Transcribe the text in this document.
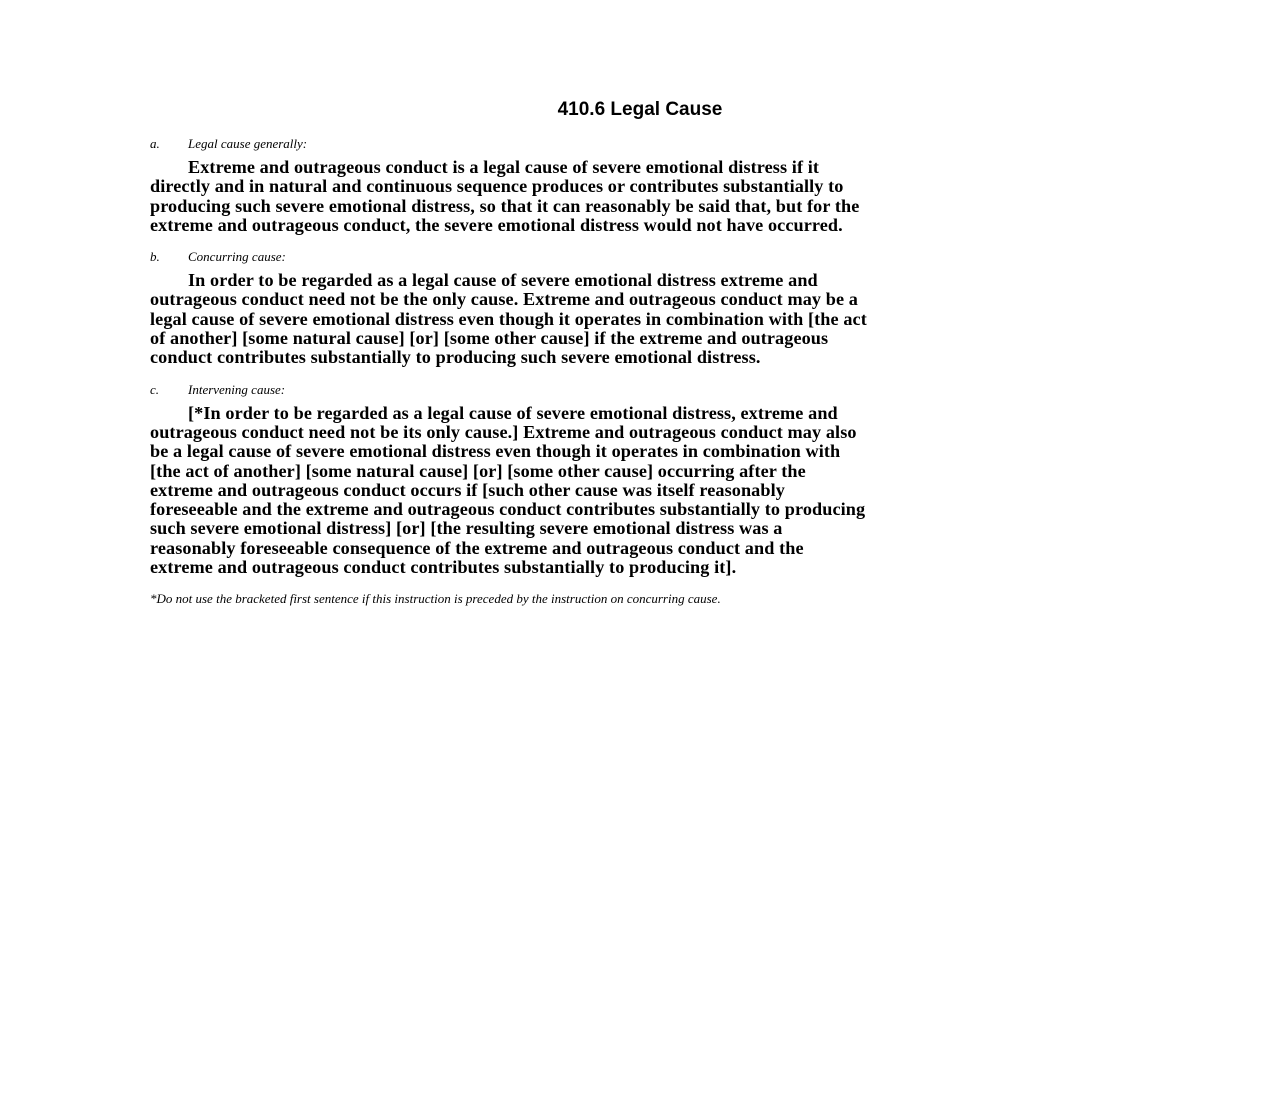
410.6 Legal Cause
a.	Legal cause generally:
Extreme and outrageous conduct is a legal cause of severe emotional distress if it
directly and in natural and continuous sequence produces or contributes substantially to
producing such severe emotional distress, so that it can reasonably be said that, but for the
extreme and outrageous conduct, the severe emotional distress would not have occurred.
b.	Concurring cause:
In order to be regarded as a legal cause of severe emotional distress extreme and
outrageous conduct need not be the only cause. Extreme and outrageous conduct may be a
legal cause of severe emotional distress even though it operates in combination with [the act
of another] [some natural cause] [or] [some other cause] if the extreme and outrageous
conduct contributes substantially to producing such severe emotional distress.
c.	Intervening cause:
[*In order to be regarded as a legal cause of severe emotional distress, extreme and
outrageous conduct need not be its only cause.] Extreme and outrageous conduct may also
be a legal cause of severe emotional distress even though it operates in combination with
[the act of another] [some natural cause] [or] [some other cause] occurring after the
extreme and outrageous conduct occurs if [such other cause was itself reasonably
foreseeable and the extreme and outrageous conduct contributes substantially to producing
such severe emotional distress] [or] [the resulting severe emotional distress was a
reasonably foreseeable consequence of the extreme and outrageous conduct and the
extreme and outrageous conduct contributes substantially to producing it].

*Do not use the bracketed first sentence if this instruction is preceded by the instruction on concurring cause.
